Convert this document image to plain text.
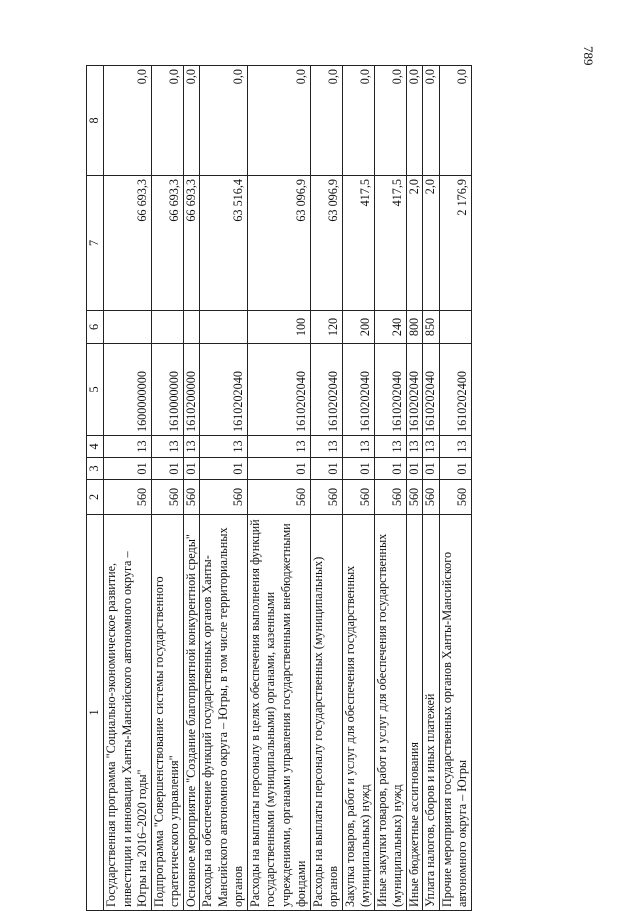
789
1	2	3	4	5	6	7	8
Государственная программа "Социально-экономическое развитие, инвестиции и инновации Ханты-Мансийского автономного округа – Югры на 2016–2020 годы"	560	01	13	1600000000		66 693,3	0,0
Подпрограмма "Совершенствование системы государственного стратегического управления"	560	01	13	1610000000		66 693,3	0,0
Основное мероприятие "Создание благоприятной конкурентной среды"	560	01	13	1610200000		66 693,3	0,0
Расходы на обеспечение функций государственных органов Ханты-Мансийского автономного округа – Югры, в том числе территориальных органов	560	01	13	1610202040		63 516,4	0,0
Расходы на выплаты персоналу в целях обеспечения выполнения функций государственными (муниципальными) органами, казенными учреждениями, органами управления государственными внебюджетными фондами	560	01	13	1610202040	100	63 096,9	0,0
Расходы на выплаты персоналу государственных (муниципальных) органов	560	01	13	1610202040	120	63 096,9	0,0
Закупка товаров, работ и услуг для обеспечения государственных (муниципальных) нужд	560	01	13	1610202040	200	417,5	0,0
Иные закупки товаров, работ и услуг для обеспечения государственных (муниципальных) нужд	560	01	13	1610202040	240	417,5	0,0
Иные бюджетные ассигнования	560	01	13	1610202040	800	2,0	0,0
Уплата налогов, сборов и иных платежей	560	01	13	1610202040	850	2,0	0,0
Прочие мероприятия государственных органов Ханты-Мансийского автономного округа – Югры	560	01	13	1610202400		2 176,9	0,0
